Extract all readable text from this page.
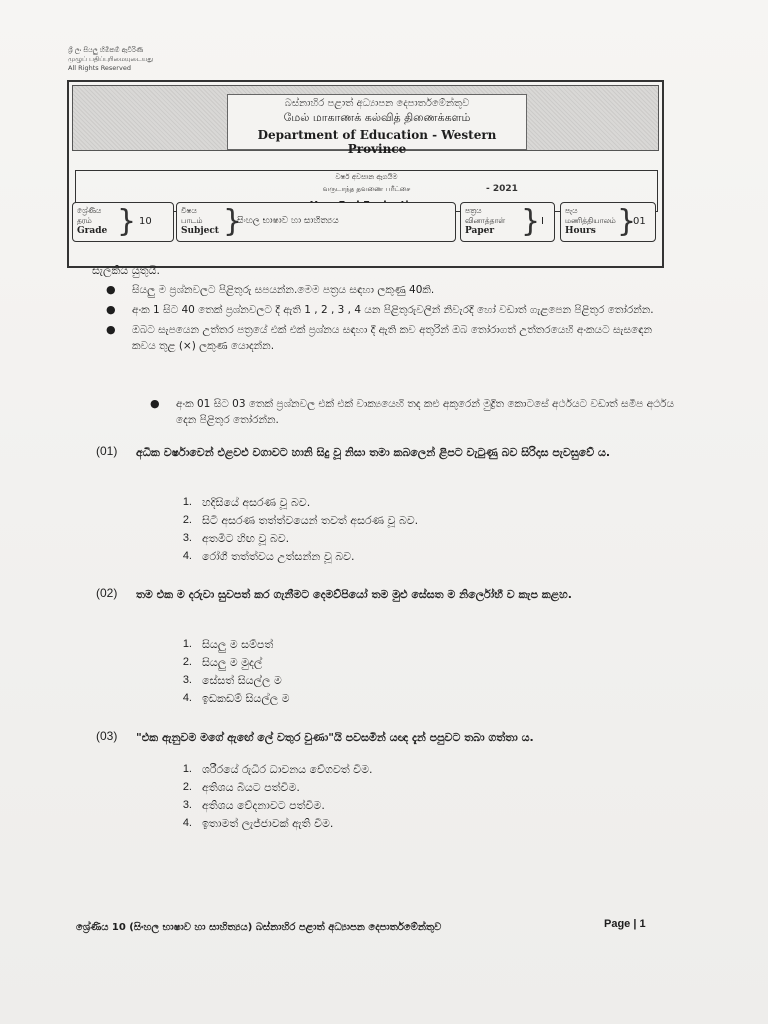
ශ්‍රී ලං සියලු හිමිකම් ඇවිරිණි
முழுப் பதிப்புரிமையுடையது
All Rights Reserved
බස්නාහිර පළාත් අධ්‍යාපන දෙපාර්තමේන්තුව
மேல் மாகாணக் கல்வித் திணைக்களம்
Department of Education - Western Province
වර්ෂ අවසාන ඇගයීම
வருடாந்த தவணை பரீட்சை	- 2021
ශ්‍රේණිය
தரம்
Grade } 10
විෂය
பாடம்
Subject }
සිංහල භාෂාව හා සාහිත්‍යය
පත්‍රය
வினாத்தாள்
Paper } I
පැය
மணித்தியாலம்
Hours }
01
සැලකිය යුතුයි.
● සියලු ම ප්‍රශ්නවලට පිළිතුරු සපයන්න.මෙම පත්‍රය සඳහා ලකුණු 40කි.
● අංක 1 සිට 40 තෙක් ප්‍රශ්නවලට දී ඇති 1 , 2 , 3 , 4 යන පිළිතුරුවලින් නිවැරදි හෝ වඩාත් ගැළපෙන පිළිතුර තෝරන්න.
● ඔබට සැපයෙන උත්තර පත්‍රයේ එක් එක් ප්‍රශ්නය සඳහා දී ඇති කව අතුරින් ඔබ තෝරාගත් උත්තරයෙහි අංකයට සැසඳෙන කවය තුළ (×) ලකුණ යොදන්න.
● අංක 01 සිට 03 තෙක් ප්‍රශ්නවල එක් එක් වාක්‍යයෙහි තද කළු අකුරෙන් මුද්‍රිත කොටසේ අර්ථයට වඩාත් සමීප අර්ථය දෙන පිළිතුර තෝරන්න.
(01) අධික වර්ෂාවෙන් එළවළු වගාවට හානි සිදු වූ නිසා තමා කබලෙන් ළිපට වැටුණු බව සිරිදාස පැවසුවේ ය.
1. හදිසියේ අසරණ වූ බව.
2. සිටි අසරණ තත්ත්වයෙන් තවත් අසරණ වූ බව.
3. අතමිට හිඟ වූ බව.
4. රෝගී තත්ත්වය උත්සන්න වූ බව.
(02) තම එක ම දරුවා සුවපත් කර ගැනීමට දෙමව්පියෝ තම මුළු සේසත ම නිර්ලෝභී ව කැප කළහ.
1. සියලු ම සම්පත්
2. සියලු ම මුදල්
3. සේසත් සියල්ල ම
4. ඉඩකඩම් සියල්ල ම
(03) "එක ඇනුවම මගේ ඇඟේ ලේ වතුර වුණා"යි පවසමින් යඥ දැන් පපුවට තබා ගත්තා ය.
1. ශරීරයේ රුධිර ධාවනය වේගවත් වීම.
2. අතිශය බියට පත්වීම.
3. අතිශය වේදනාවට පත්වීම.
4. ඉතාමත් ලැජ්ජාවක් ඇති වීම.
ශ්‍රේණිය 10 (සිංහල භාෂාව හා සාහිත්‍යය) බස්නාහිර පළාත් අධ්‍යාපන දෙපාර්තමේන්තුව	Page | 1
